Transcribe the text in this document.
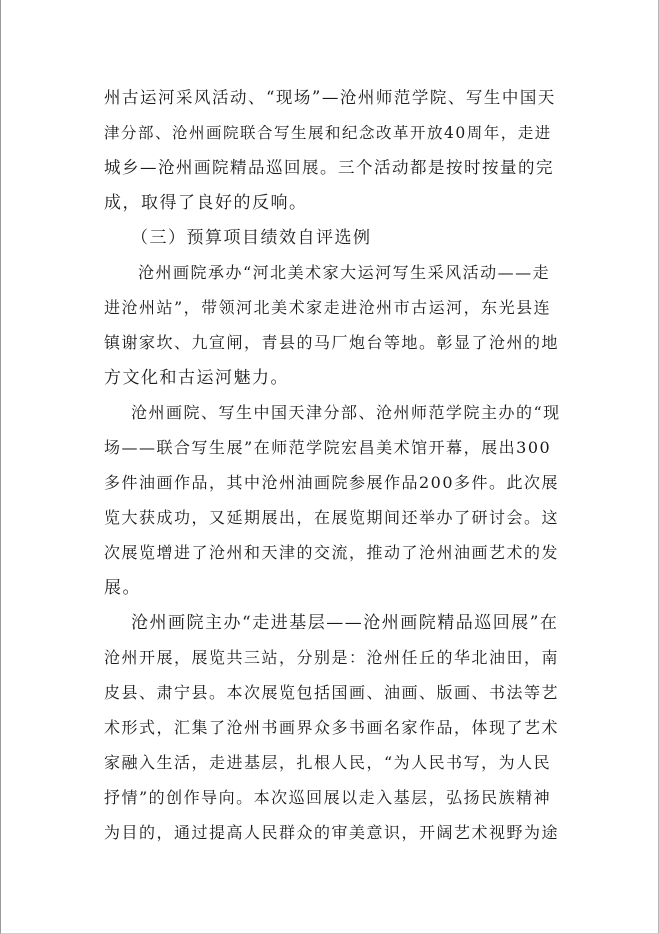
州古运河采风活动、“现场”—沧州师范学院、写生中国天
津分部、沧州画院联合写生展和纪念改革开放40周年，走进
城乡—沧州画院精品巡回展。三个活动都是按时按量的完
成，取得了良好的反响。
（三）预算项目绩效自评选例
沧州画院承办“河北美术家大运河写生采风活动——走
进沧州站”，带领河北美术家走进沧州市古运河，东光县连
镇谢家坎、九宣闸，青县的马厂炮台等地。彰显了沧州的地
方文化和古运河魅力。
沧州画院、写生中国天津分部、沧州师范学院主办的“现
场——联合写生展”在师范学院宏昌美术馆开幕，展出300
多件油画作品，其中沧州油画院参展作品200多件。此次展
览大获成功，又延期展出，在展览期间还举办了研讨会。这
次展览增进了沧州和天津的交流，推动了沧州油画艺术的发
展。
沧州画院主办“走进基层——沧州画院精品巡回展”在
沧州开展，展览共三站，分别是：沧州任丘的华北油田，南
皮县、肃宁县。本次展览包括国画、油画、版画、书法等艺
术形式，汇集了沧州书画界众多书画名家作品，体现了艺术
家融入生活，走进基层，扎根人民，“为人民书写，为人民
抒情”的创作导向。本次巡回展以走入基层，弘扬民族精神
为目的，通过提高人民群众的审美意识，开阔艺术视野为途
